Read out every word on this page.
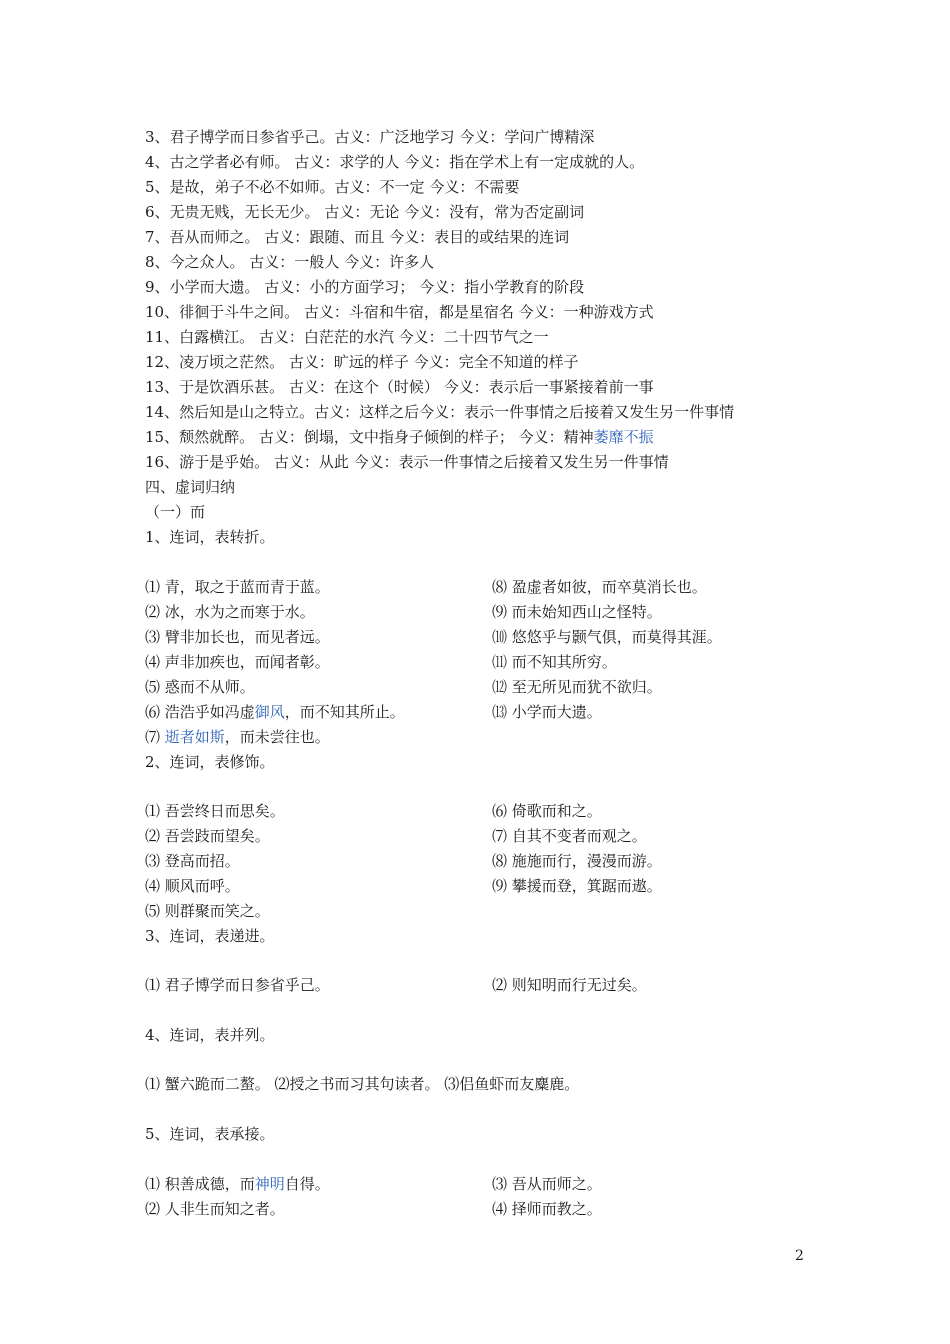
3、君子博学而日参省乎己。古义：广泛地学习 今义：学问广博精深
4、古之学者必有师。 古义：求学的人 今义：指在学术上有一定成就的人。
5、是故，弟子不必不如师。古义：不一定 今义：不需要
6、无贵无贱，无长无少。 古义：无论 今义：没有，常为否定副词
7、吾从而师之。 古义：跟随、而且 今义：表目的或结果的连词
8、今之众人。 古义：一般人 今义：许多人
9、小学而大遗。 古义：小的方面学习； 今义：指小学教育的阶段
10、徘徊于斗牛之间。 古义：斗宿和牛宿，都是星宿名 今义：一种游戏方式
11、白露横江。 古义：白茫茫的水汽 今义：二十四节气之一
12、凌万顷之茫然。 古义：旷远的样子 今义：完全不知道的样子
13、于是饮酒乐甚。 古义：在这个（时候） 今义：表示后一事紧接着前一事
14、然后知是山之特立。古义：这样之后今义：表示一件事情之后接着又发生另一件事情
15、颓然就醉。 古义：倒塌，文中指身子倾倒的样子； 今义：精神萎靡不振
16、游于是乎始。 古义：从此 今义：表示一件事情之后接着又发生另一件事情
四、虚词归纳
（一）而
1、连词，表转折。
⑴ 青，取之于蓝而青于蓝。
⑵ 冰，水为之而寒于水。
⑶ 臂非加长也，而见者远。
⑷ 声非加疾也，而闻者彰。
⑸ 惑而不从师。
⑹ 浩浩乎如冯虚御风，而不知其所止。
⑺ 逝者如斯，而未尝往也。
⑻ 盈虚者如彼，而卒莫消长也。
⑼ 而未始知西山之怪特。
⑽ 悠悠乎与颢气俱，而莫得其涯。
⑾ 而不知其所穷。
⑿ 至无所见而犹不欲归。
⒀ 小学而大遗。
2、连词，表修饰。
⑴ 吾尝终日而思矣。
⑵ 吾尝跂而望矣。
⑶ 登高而招。
⑷ 顺风而呼。
⑸ 则群聚而笑之。
⑹ 倚歌而和之。
⑺ 自其不变者而观之。
⑻ 施施而行，漫漫而游。
⑼ 攀援而登，箕踞而遨。
3、连词，表递进。
⑴ 君子博学而日参省乎己。	⑵ 则知明而行无过矣。
4、连词，表并列。
⑴ 蟹六跪而二螯。 ⑵授之书而习其句读者。 ⑶侣鱼虾而友麋鹿。
5、连词，表承接。
⑴ 积善成德，而神明自得。
⑵ 人非生而知之者。
⑶ 吾从而师之。
⑷ 择师而教之。
2
